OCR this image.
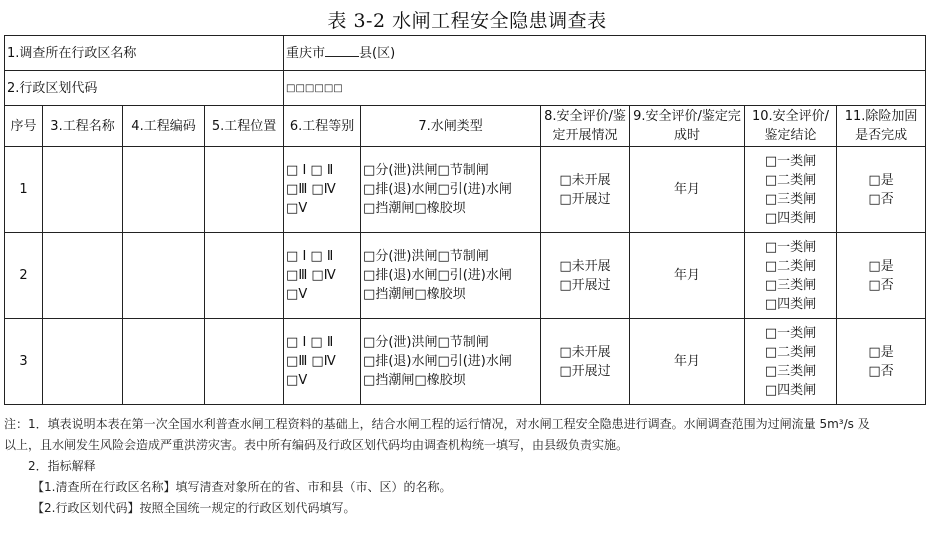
表 3-2 水闸工程安全隐患调查表
1.调查所在行政区名称				重庆市 县(区)					
2.行政区划代码				□□□□□□					
序号	3.工程名称	4.工程编码	5.工程位置	6.工程等别	7.水闸类型	8.安全评价/鉴定开展情况	9.安全评价/鉴定完成时	10.安全评价/鉴定结论	11.除险加固是否完成
1				□ Ⅰ □ Ⅱ
□Ⅲ □Ⅳ
□Ⅴ	□分(泄)洪闸□节制闸
□排(退)水闸□引(进)水闸
□挡潮闸□橡胶坝	□未开展
□开展过	年月	□一类闸
□二类闸
□三类闸
□四类闸	□是
□否

2				□ Ⅰ □ Ⅱ
□Ⅲ □Ⅳ
□Ⅴ	□分(泄)洪闸□节制闸
□排(退)水闸□引(进)水闸
□挡潮闸□橡胶坝	□未开展
□开展过	年月	□一类闸
□二类闸
□三类闸
□四类闸	□是
□否

3				□ Ⅰ □ Ⅱ
□Ⅲ □Ⅳ
□Ⅴ	□分(泄)洪闸□节制闸
□排(退)水闸□引(进)水闸
□挡潮闸□橡胶坝	□未开展
□开展过	年月	□一类闸
□二类闸
□三类闸
□四类闸	□是
□否

注：1．填表说明本表在第一次全国水利普查水闸工程资料的基础上，结合水闸工程的运行情况，对水闸工程安全隐患进行调查。水闸调查范围为过闸流量 5m³/s 及

以上，且水闸发生风险会造成严重洪涝灾害。表中所有编码及行政区划代码均由调查机构统一填写，由县级负责实施。

2．指标解释

【1.清查所在行政区名称】填写清查对象所在的省、市和县（市、区）的名称。

【2.行政区划代码】按照全国统一规定的行政区划代码填写。
